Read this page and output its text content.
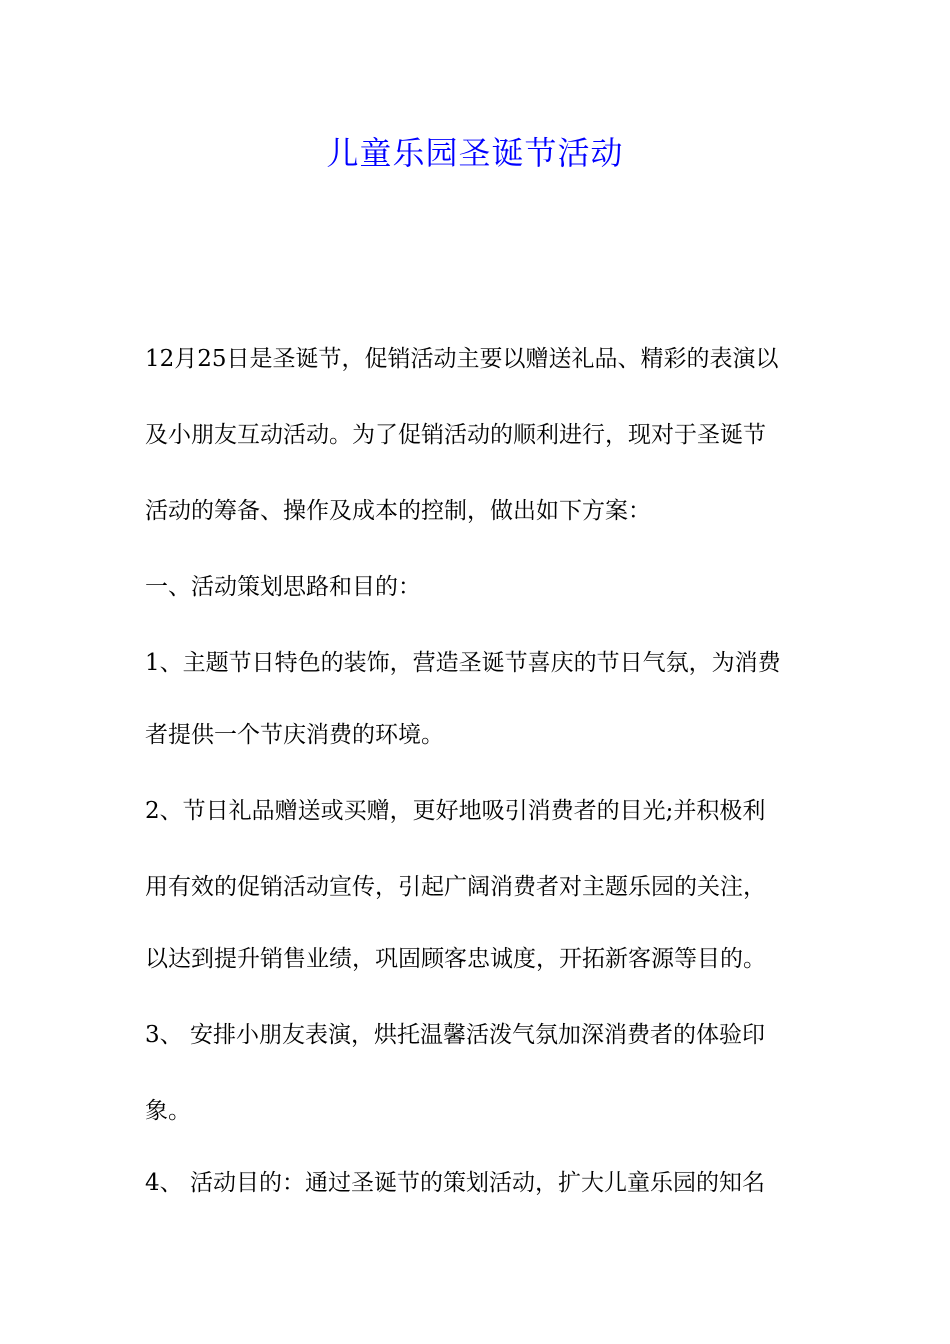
儿童乐园圣诞节活动
12月25日是圣诞节，促销活动主要以赠送礼品、精彩的表演以
及小朋友互动活动。为了促销活动的顺利进行，现对于圣诞节
活动的筹备、操作及成本的控制，做出如下方案：
一、活动策划思路和目的：
1、主题节日特色的装饰，营造圣诞节喜庆的节日气氛，为消费
者提供一个节庆消费的环境。
2、节日礼品赠送或买赠，更好地吸引消费者的目光;并积极利
用有效的促销活动宣传，引起广阔消费者对主题乐园的关注，
以达到提升销售业绩，巩固顾客忠诚度，开拓新客源等目的。
3、 安排小朋友表演，烘托温馨活泼气氛加深消费者的体验印
象。
4、 活动目的：通过圣诞节的策划活动，扩大儿童乐园的知名
